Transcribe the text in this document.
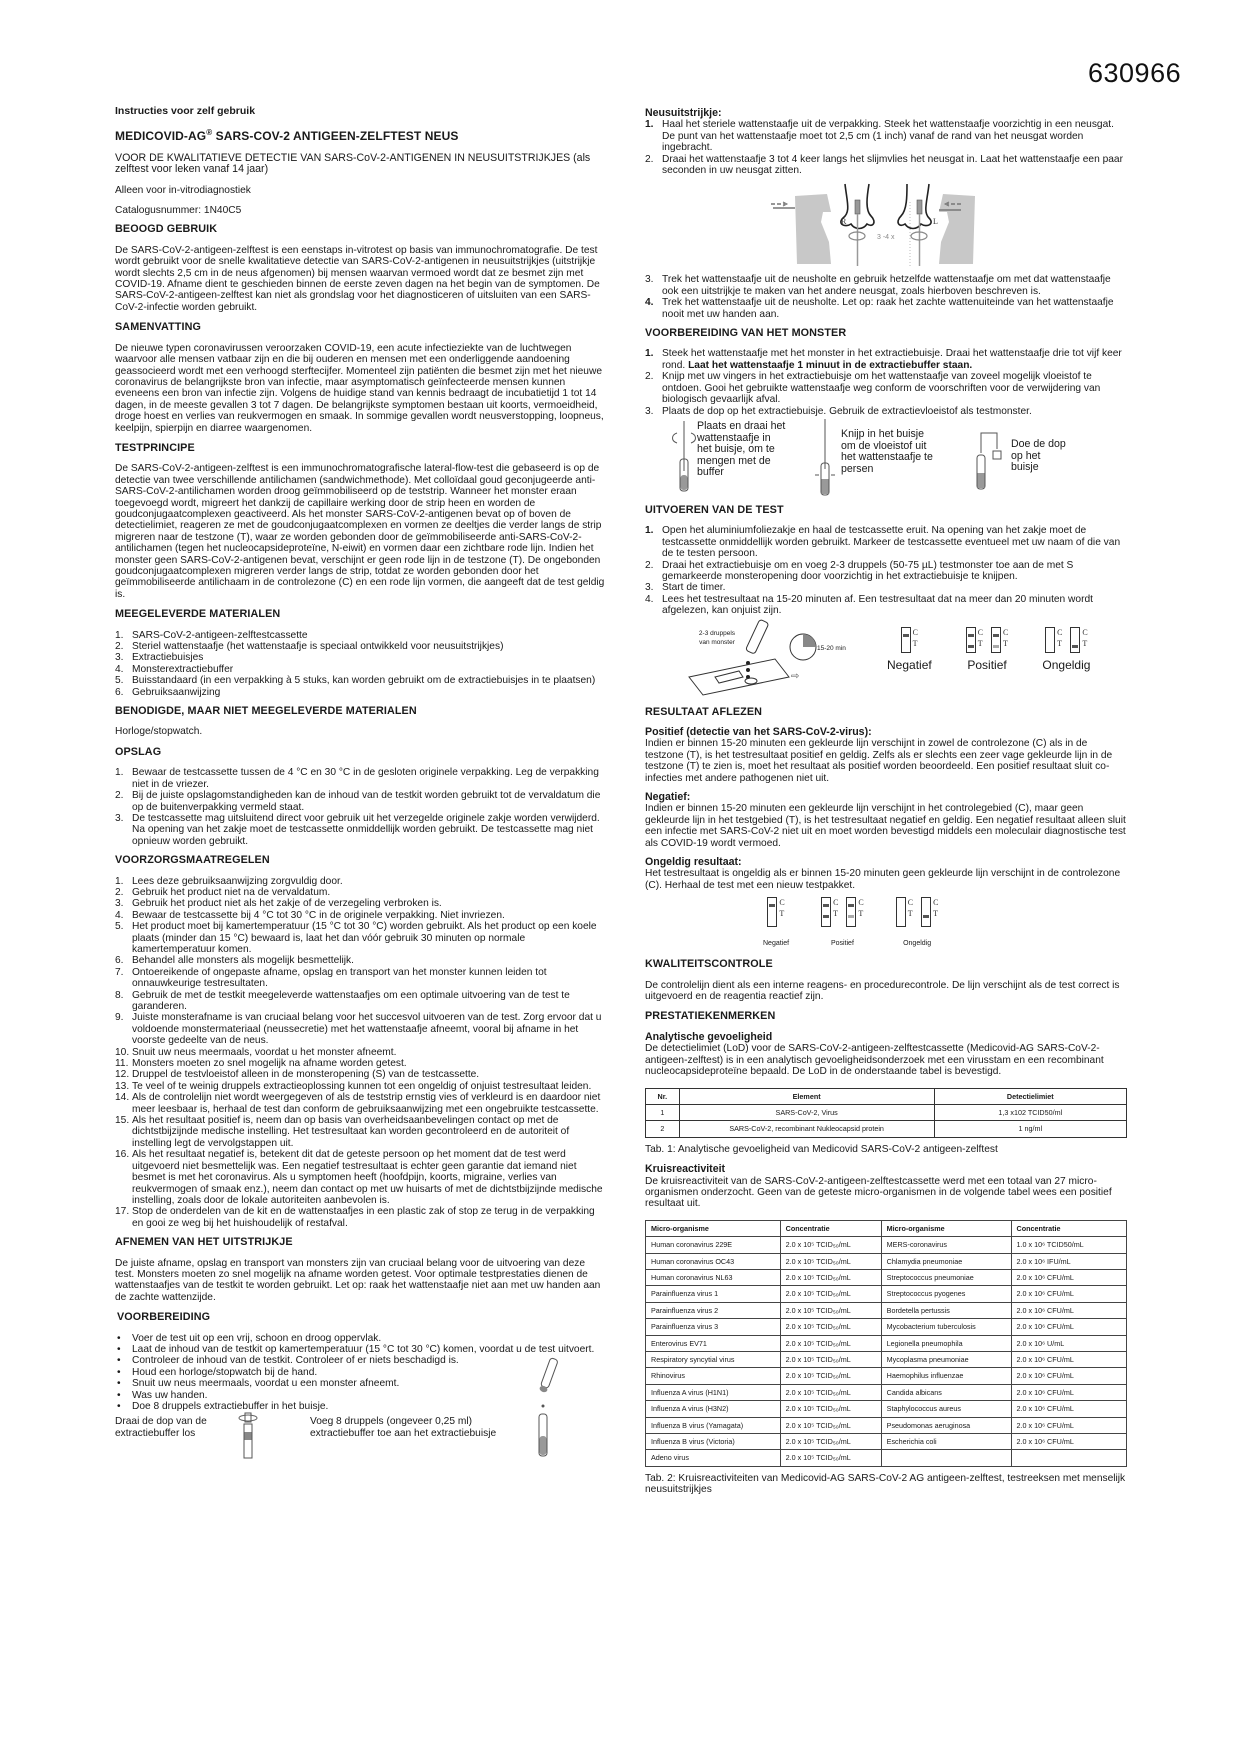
630966
Instructies voor zelf gebruik
MEDICOVID-AG® SARS-COV-2 ANTIGEEN-ZELFTEST NEUS

VOOR DE KWALITATIEVE DETECTIE VAN SARS-CoV-2-ANTIGENEN IN NEUSUITSTRIJKJES (als zelftest voor leken vanaf 14 jaar)

Alleen voor in-vitrodiagnostiek

Catalogusnummer: 1N40C5

BEOOGD GEBRUIK

De SARS-CoV-2-antigeen-zelftest is een eenstaps in-vitrotest op basis van immunochromatografie. De test wordt gebruikt voor de snelle kwalitatieve detectie van SARS-CoV-2-antigenen in neusuitstrijkjes (uitstrijkje wordt slechts 2,5 cm in de neus afgenomen) bij mensen waarvan vermoed wordt dat ze besmet zijn met COVID-19. Afname dient te geschieden binnen de eerste zeven dagen na het begin van de symptomen. De SARS-CoV-2-antigeen-zelftest kan niet als grondslag voor het diagnosticeren of uitsluiten van een SARS-CoV-2-infectie worden gebruikt.

SAMENVATTING

De nieuwe typen coronavirussen veroorzaken COVID-19, een acute infectieziekte van de luchtwegen waarvoor alle mensen vatbaar zijn en die bij ouderen en mensen met een onderliggende aandoening geassocieerd wordt met een verhoogd sterftecijfer. Momenteel zijn patiënten die besmet zijn met het nieuwe coronavirus de belangrijkste bron van infectie, maar asymptomatisch geïnfecteerde mensen kunnen eveneens een bron van infectie zijn. Volgens de huidige stand van kennis bedraagt de incubatietijd 1 tot 14 dagen, in de meeste gevallen 3 tot 7 dagen. De belangrijkste symptomen bestaan uit koorts, vermoeidheid, droge hoest en verlies van reukvermogen en smaak. In sommige gevallen wordt neusverstopping, loopneus, keelpijn, spierpijn en diarree waargenomen.

TESTPRINCIPE

De SARS-CoV-2-antigeen-zelftest is een immunochromatografische lateral-flow-test die gebaseerd is op de detectie van twee verschillende antilichamen (sandwichmethode). Met colloïdaal goud geconjugeerde anti-SARS-CoV-2-antilichamen worden droog geïmmobiliseerd op de teststrip. Wanneer het monster eraan toegevoegd wordt, migreert het dankzij de capillaire werking door de strip heen en worden de goudconjugaatcomplexen geactiveerd. Als het monster SARS-CoV-2-antigenen bevat op of boven de detectielimiet, reageren ze met de goudconjugaatcomplexen en vormen ze deeltjes die verder langs de strip migreren naar de testzone (T), waar ze worden gebonden door de geïmmobiliseerde anti-SARS-CoV-2-antilichamen (tegen het nucleocapsideproteïne, N-eiwit) en vormen daar een zichtbare rode lijn. Indien het monster geen SARS-CoV-2-antigenen bevat, verschijnt er geen rode lijn in de testzone (T). De ongebonden goudconjugaatcomplexen migreren verder langs de strip, totdat ze worden gebonden door het geïmmobiliseerde antilichaam in de controlezone (C) en een rode lijn vormen, die aangeeft dat de test geldig is.

MEEGELEVERDE MATERIALEN
1. SARS-CoV-2-antigeen-zelftestcassette
2. Steriel wattenstaafje (het wattenstaafje is speciaal ontwikkeld voor neusuitstrijkjes)
3. Extractiebuisjes
4. Monsterextractiebuffer
5. Buisstandaard (in een verpakking à 5 stuks, kan worden gebruikt om de extractiebuisjes in te plaatsen)
6. Gebruiksaanwijzing
BENODIGDE, MAAR NIET MEEGELEVERDE MATERIALEN

Horloge/stopwatch.

OPSLAG
1. Bewaar de testcassette tussen de 4 °C en 30 °C in de gesloten originele verpakking. Leg de verpakking niet in de vriezer.
2. Bij de juiste opslagomstandigheden kan de inhoud van de testkit worden gebruikt tot de vervaldatum die op de buitenverpakking vermeld staat.
3. De testcassette mag uitsluitend direct voor gebruik uit het verzegelde originele zakje worden verwijderd. Na opening van het zakje moet de testcassette onmiddellijk worden gebruikt. De testcassette mag niet opnieuw worden gebruikt.
VOORZORGSMAATREGELEN
1. Lees deze gebruiksaanwijzing zorgvuldig door.
2. Gebruik het product niet na de vervaldatum.
3. Gebruik het product niet als het zakje of de verzegeling verbroken is.
4. Bewaar de testcassette bij 4 °C tot 30 °C in de originele verpakking. Niet invriezen.
5. Het product moet bij kamertemperatuur (15 °C tot 30 °C) worden gebruikt. Als het product op een koele plaats (minder dan 15 °C) bewaard is, laat het dan vóór gebruik 30 minuten op normale kamertemperatuur komen.
6. Behandel alle monsters als mogelijk besmettelijk.
7. Ontoereikende of ongepaste afname, opslag en transport van het monster kunnen leiden tot onnauwkeurige testresultaten.
8. Gebruik de met de testkit meegeleverde wattenstaafjes om een optimale uitvoering van de test te garanderen.
9. Juiste monsterafname is van cruciaal belang voor het succesvol uitvoeren van de test. Zorg ervoor dat u voldoende monstermateriaal (neussecretie) met het wattenstaafje afneemt, vooral bij afname in het voorste gedeelte van de neus.
10. Snuit uw neus meermaals, voordat u het monster afneemt.
11. Monsters moeten zo snel mogelijk na afname worden getest.
12. Druppel de testvloeistof alleen in de monsteropening (S) van de testcassette.
13. Te veel of te weinig druppels extractieoplossing kunnen tot een ongeldig of onjuist testresultaat leiden.
14. Als de controlelijn niet wordt weergegeven of als de teststrip ernstig vies of verkleurd is en daardoor niet meer leesbaar is, herhaal de test dan conform de gebruiksaanwijzing met een ongebruikte testcassette.
15. Als het resultaat positief is, neem dan op basis van overheidsaanbevelingen contact op met de dichtstbijzijnde medische instelling. Het testresultaat kan worden gecontroleerd en de autoriteit of instelling legt de vervolgstappen uit.
16. Als het resultaat negatief is, betekent dit dat de geteste persoon op het moment dat de test werd uitgevoerd niet besmettelijk was. Een negatief testresultaat is echter geen garantie dat iemand niet besmet is met het coronavirus. Als u symptomen heeft (hoofdpijn, koorts, migraine, verlies van reukvermogen of smaak enz.), neem dan contact op met uw huisarts of met de dichtstbijzijnde medische instelling, zoals door de lokale autoriteiten aanbevolen is.
17. Stop de onderdelen van de kit en de wattenstaafjes in een plastic zak of stop ze terug in de verpakking en gooi ze weg bij het huishoudelijk of restafval.
AFNEMEN VAN HET UITSTRIJKJE

De juiste afname, opslag en transport van monsters zijn van cruciaal belang voor de uitvoering van deze test. Monsters moeten zo snel mogelijk na afname worden getest. Voor optimale testprestaties dienen de wattenstaafjes van de testkit te worden gebruikt. Let op: raak het wattenstaafje niet aan met uw handen aan de zachte wattenzijde.

VOORBEREIDING
• Voer de test uit op een vrij, schoon en droog oppervlak.
• Laat de inhoud van de testkit op kamertemperatuur (15 °C tot 30 °C) komen, voordat u de test uitvoert.
• Controleer de inhoud van de testkit. Controleer of er niets beschadigd is.
• Houd een horloge/stopwatch bij de hand.
• Snuit uw neus meermaals, voordat u een monster afneemt.
• Was uw handen.
• Doe 8 druppels extractiebuffer in het buisje.
Draai de dop van de extractiebuffer los
Voeg 8 druppels (ongeveer 0,25 ml) extractiebuffer toe aan het extractiebuisje
Neusuitstrijkje:
1. Haal het steriele wattenstaafje uit de verpakking. Steek het wattenstaafje voorzichtig in een neusgat. De punt van het wattenstaafje moet tot 2,5 cm (1 inch) vanaf de rand van het neusgat worden ingebracht.
2. Draai het wattenstaafje 3 tot 4 keer langs het slijmvlies het neusgat in. Laat het wattenstaafje een paar seconden in uw neusgat zitten.
R
3 -4 x
L
3. Trek het wattenstaafje uit de neusholte en gebruik hetzelfde wattenstaafje om met dat wattenstaafje ook een uitstrijkje te maken van het andere neusgat, zoals hierboven beschreven is.
4. Trek het wattenstaafje uit de neusholte. Let op: raak het zachte wattenuiteinde van het wattenstaafje nooit met uw handen aan.
VOORBEREIDING VAN HET MONSTER
1. Steek het wattenstaafje met het monster in het extractiebuisje. Draai het wattenstaafje drie tot vijf keer rond. Laat het wattenstaafje 1 minuut in de extractiebuffer staan.
2. Knijp met uw vingers in het extractiebuisje om het wattenstaafje van zoveel mogelijk vloeistof te ontdoen. Gooi het gebruikte wattenstaafje weg conform de voorschriften voor de verwijdering van biologisch gevaarlijk afval.
3. Plaats de dop op het extractiebuisje. Gebruik de extractievloeistof als testmonster.
Plaats en draai het wattenstaafje in het buisje, om te mengen met de buffer
Knijp in het buisje om de vloeistof uit het wattenstaafje te persen
Doe de dop op het buisje
UITVOEREN VAN DE TEST
1. Open het aluminiumfoliezakje en haal de testcassette eruit. Na opening van het zakje moet de testcassette onmiddellijk worden gebruikt. Markeer de testcassette eventueel met uw naam of die van de te testen persoon.
2. Draai het extractiebuisje om en voeg 2-3 druppels (50-75 µL) testmonster toe aan de met S gemarkeerde monsteropening door voorzichtig in het extractiebuisje te knijpen.
3. Start de timer.
4. Lees het testresultaat na 15-20 minuten af. Een testresultaat dat na meer dan 20 minuten wordt afgelezen, kan onjuist zijn.
2-3 druppels van monster
⇨
15-20 min
C
T
Negatief
C
T
C
T
Positief
C
T
C
T
Ongeldig
RESULTAAT AFLEZEN
Positief (detectie van het SARS-CoV-2-virus):

Indien er binnen 15-20 minuten een gekleurde lijn verschijnt in zowel de controlezone (C) als in de testzone (T), is het testresultaat positief en geldig. Zelfs als er slechts een zeer vage gekleurde lijn in de testzone (T) te zien is, moet het resultaat als positief worden beoordeeld. Een positief resultaat sluit co-infecties met andere pathogenen niet uit.

Negatief:

Indien er binnen 15-20 minuten een gekleurde lijn verschijnt in het controlegebied (C), maar geen gekleurde lijn in het testgebied (T), is het testresultaat negatief en geldig. Een negatief resultaat alleen sluit een infectie met SARS-CoV-2 niet uit en moet worden bevestigd middels een moleculair diagnostische test als COVID-19 wordt vermoed.

Ongeldig resultaat:

Het testresultaat is ongeldig als er binnen 15-20 minuten geen gekleurde lijn verschijnt in de controlezone (C). Herhaal de test met een nieuw testpakket.

C
T
Negatief
C
T
C
T
Positief
C
T
C
T
Ongeldig
KWALITEITSCONTROLE

De controlelijn dient als een interne reagens- en procedurecontrole. De lijn verschijnt als de test correct is uitgevoerd en de reagentia reactief zijn.

PRESTATIEKENMERKEN
Analytische gevoeligheid

De detectielimiet (LoD) voor de SARS-CoV-2-antigeen-zelftestcassette (Medicovid-AG SARS-CoV-2-antigeen-zelftest) is in een analytisch gevoeligheidsonderzoek met een virusstam en een recombinant nucleocapsideproteïne bepaald. De LoD in de onderstaande tabel is bevestigd.

Nr.	Element	Detectielimiet
1	SARS-CoV-2, Virus	1,3 x102 TCID50/ml
2	SARS-CoV-2, recombinant Nukleocapsid protein	1 ng/ml

Tab. 1: Analytische gevoeligheid van Medicovid SARS-CoV-2 antigeen-zelftest

Kruisreactiviteit

De kruisreactiviteit van de SARS-CoV-2-antigeen-zelftestcassette werd met een totaal van 27 micro-organismen onderzocht. Geen van de geteste micro-organismen in de volgende tabel wees een positief resultaat uit.

Micro-organisme	Concentratie	Micro-organisme	Concentratie
Human coronavirus 229E	2.0 x 10⁵ TCID₅₀/mL	MERS-coronavirus	1.0 x 10⁶ TCID50/mL
Human coronavirus OC43	2.0 x 10⁵ TCID₅₀/mL	Chlamydia pneumoniae	2.0 x 10⁶ IFU/mL
Human coronavirus NL63	2.0 x 10⁵ TCID₅₀/mL	Streptococcus pneumoniae	2.0 x 10⁶ CFU/mL
Parainfluenza virus 1	2.0 x 10⁵ TCID₅₀/mL	Streptococcus pyogenes	2.0 x 10⁶ CFU/mL
Parainfluenza virus 2	2.0 x 10⁵ TCID₅₀/mL	Bordetella pertussis	2.0 x 10⁶ CFU/mL
Parainfluenza virus 3	2.0 x 10⁵ TCID₅₀/mL	Mycobacterium tuberculosis	2.0 x 10⁶ CFU/mL
Enterovirus EV71	2.0 x 10⁵ TCID₅₀/mL	Legionella pneumophila	2.0 x 10⁶ U/mL
Respiratory syncytial virus	2.0 x 10⁵ TCID₅₀/mL	Mycoplasma pneumoniae	2.0 x 10⁶ CFU/mL
Rhinovirus	2.0 x 10⁵ TCID₅₀/mL	Haemophilus influenzae	2.0 x 10⁶ CFU/mL
Influenza A virus (H1N1)	2.0 x 10⁵ TCID₅₀/mL	Candida albicans	2.0 x 10⁶ CFU/mL
Influenza A virus (H3N2)	2.0 x 10⁵ TCID₅₀/mL	Staphylococcus aureus	2.0 x 10⁶ CFU/mL
Influenza B virus (Yamagata)	2.0 x 10⁵ TCID₅₀/mL	Pseudomonas aeruginosa	2.0 x 10⁶ CFU/mL
Influenza B virus (Victoria)	2.0 x 10⁵ TCID₅₀/mL	Escherichia coli	2.0 x 10⁶ CFU/mL
Adeno virus	2.0 x 10⁵ TCID₅₀/mL		

Tab. 2: Kruisreactiviteiten van Medicovid-AG SARS-CoV-2 AG antigeen-zelftest, testreeksen met menselijk neusuitstrijkjes
